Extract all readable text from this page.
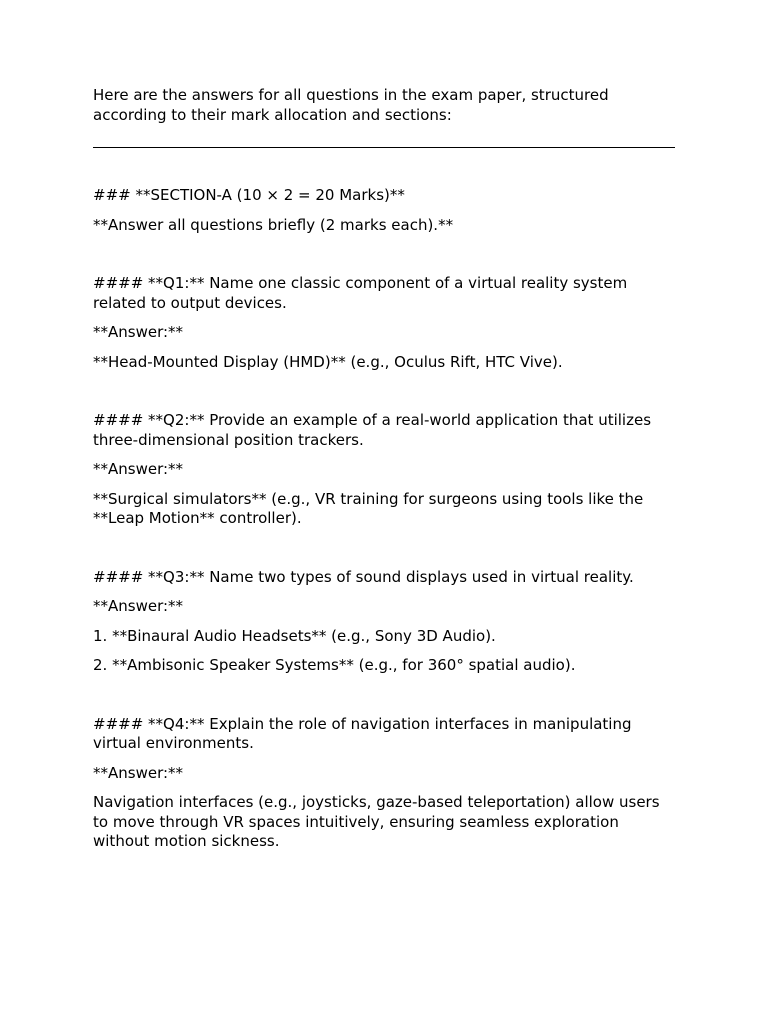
Here are the answers for all questions in the exam paper, structured according to their mark allocation and sections:

### **SECTION-A (10 × 2 = 20 Marks)**

**Answer all questions briefly (2 marks each).**

#### **Q1:** Name one classic component of a virtual reality system related to output devices.

**Answer:**

**Head-Mounted Display (HMD)** (e.g., Oculus Rift, HTC Vive).

#### **Q2:** Provide an example of a real-world application that utilizes three-dimensional position trackers.

**Answer:**

**Surgical simulators** (e.g., VR training for surgeons using tools like the **Leap Motion** controller).

#### **Q3:** Name two types of sound displays used in virtual reality.

**Answer:**

1. **Binaural Audio Headsets** (e.g., Sony 3D Audio).

2. **Ambisonic Speaker Systems** (e.g., for 360° spatial audio).

#### **Q4:** Explain the role of navigation interfaces in manipulating virtual environments.

**Answer:**

Navigation interfaces (e.g., joysticks, gaze-based teleportation) allow users to move through VR spaces intuitively, ensuring seamless exploration without motion sickness.
